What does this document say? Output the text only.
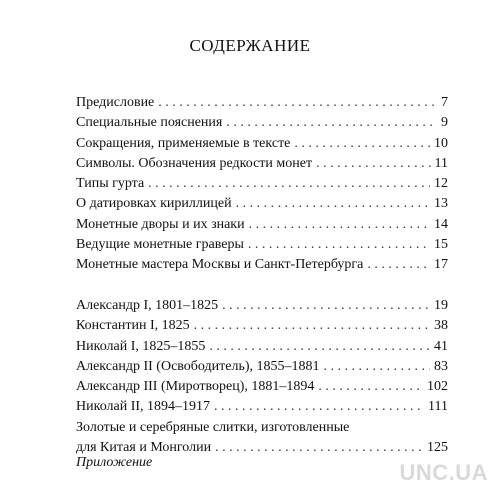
СОДЕРЖАНИЕ
Предисловие . . .	7
Специальные пояснения . . .	9
Сокращения, применяемые в тексте . . .	10
Символы. Обозначения редкости монет . . .	11
Типы гурта . . .	12
О датировках кириллицей . . .	13
Монетные дворы и их знаки . . .	14
Ведущие монетные граверы . . .	15
Монетные мастера Москвы и Санкт-Петербурга . . .	17
Александр I, 1801–1825 . . .	19
Константин I, 1825 . . .	38
Николай I, 1825–1855 . . .	41
Александр II (Освободитель), 1855–1881 . . .	83
Александр III (Миротворец), 1881–1894 . . .	102
Николай II, 1894–1917 . . .	111
Золотые и серебряные слитки, изготовленные
для Китая и Монголии . . .	125
Приложение	UNC.UA
